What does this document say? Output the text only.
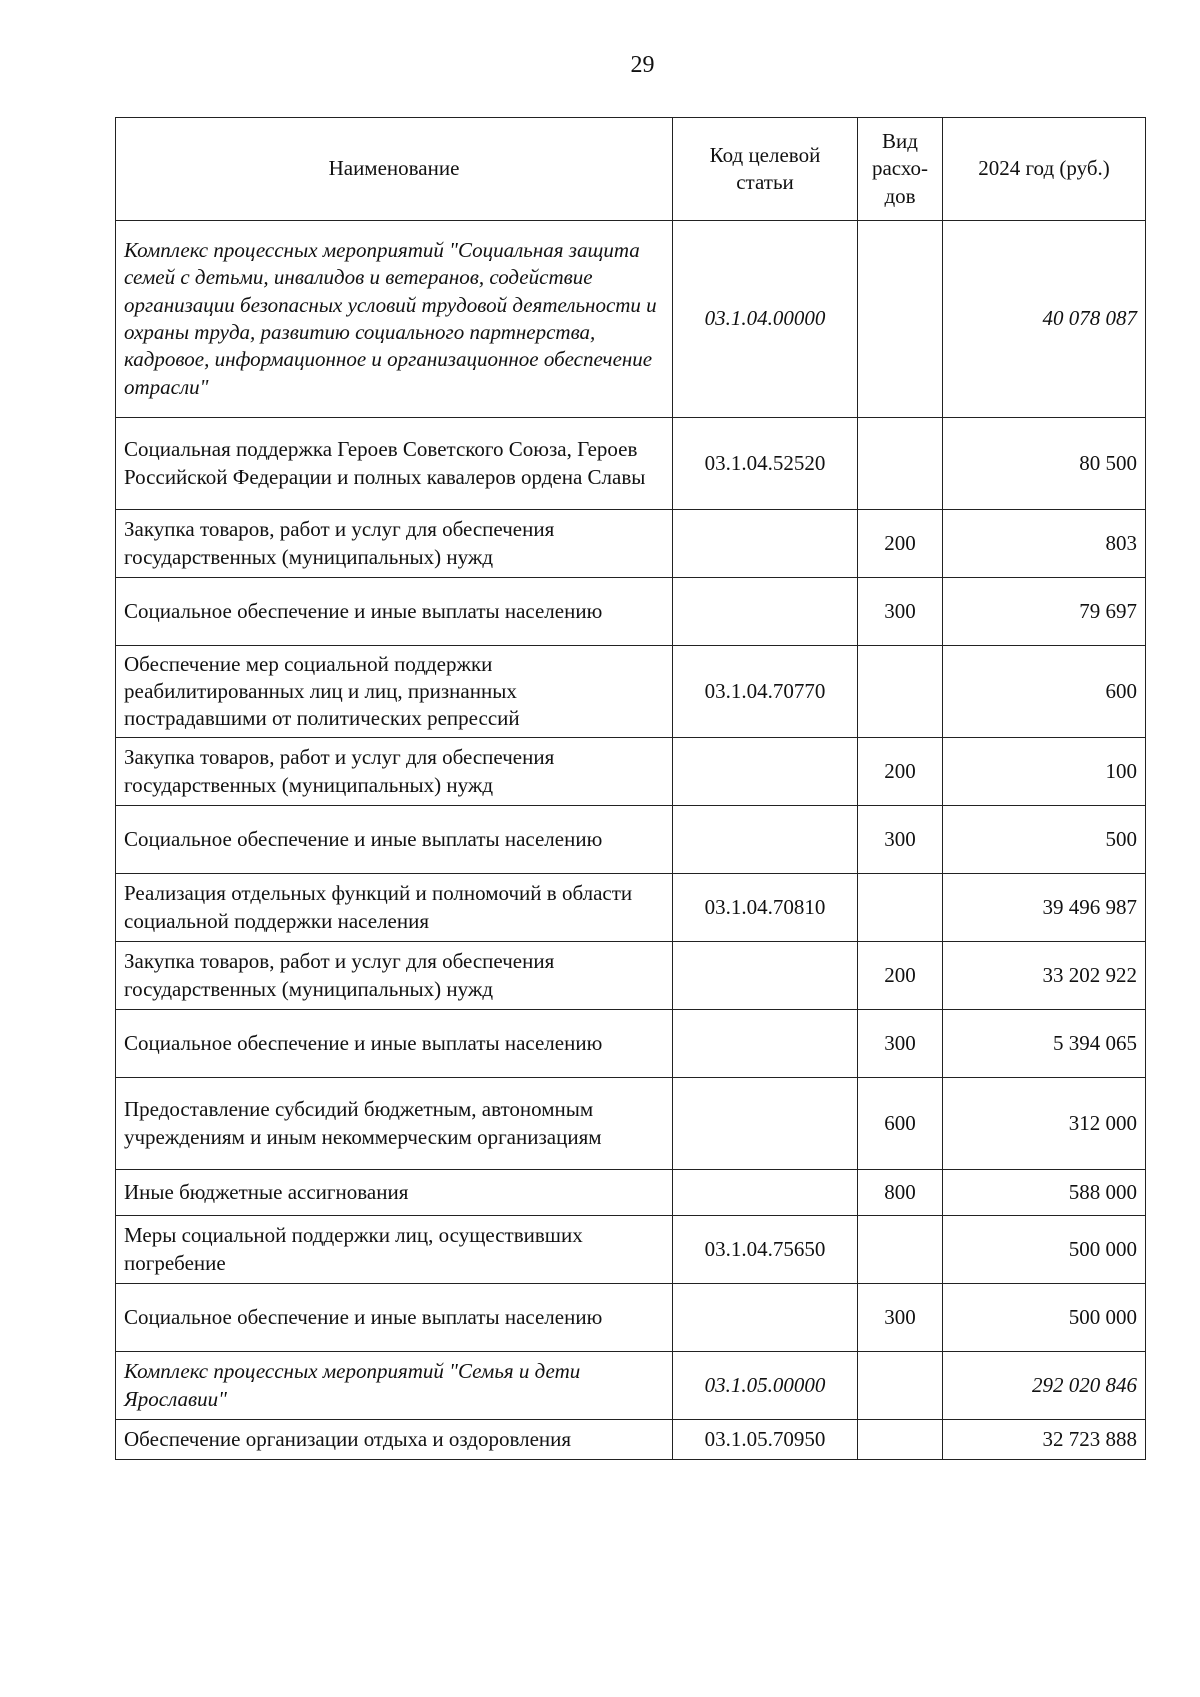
29
Наименование	Код целевой статьи	Вид расхо-дов	2024 год (руб.)
Комплекс процессных мероприятий "Социальная защита семей с детьми, инвалидов и ветеранов, содействие организации безопасных условий трудовой деятельности и охраны труда, развитию социального партнерства, кадровое, информационное и организационное обеспечение отрасли"	03.1.04.00000		40 078 087
Социальная поддержка Героев Советского Союза, Героев Российской Федерации и полных кавалеров ордена Славы	03.1.04.52520		80 500
Закупка товаров, работ и услуг для обеспечения государственных (муниципальных) нужд		200	803
Социальное обеспечение и иные выплаты населению		300	79 697
Обеспечение мер социальной поддержки реабилитированных лиц и лиц, признанных пострадавшими от политических репрессий	03.1.04.70770		600
Закупка товаров, работ и услуг для обеспечения государственных (муниципальных) нужд		200	100
Социальное обеспечение и иные выплаты населению		300	500
Реализация отдельных функций и полномочий в области социальной поддержки населения	03.1.04.70810		39 496 987
Закупка товаров, работ и услуг для обеспечения государственных (муниципальных) нужд		200	33 202 922
Социальное обеспечение и иные выплаты населению		300	5 394 065
Предоставление субсидий бюджетным, автономным учреждениям и иным некоммерческим организациям		600	312 000
Иные бюджетные ассигнования		800	588 000
Меры социальной поддержки лиц, осуществивших погребение	03.1.04.75650		500 000
Социальное обеспечение и иные выплаты населению		300	500 000
Комплекс процессных мероприятий "Семья и дети Ярославии"	03.1.05.00000		292 020 846
Обеспечение организации отдыха и оздоровления	03.1.05.70950		32 723 888
